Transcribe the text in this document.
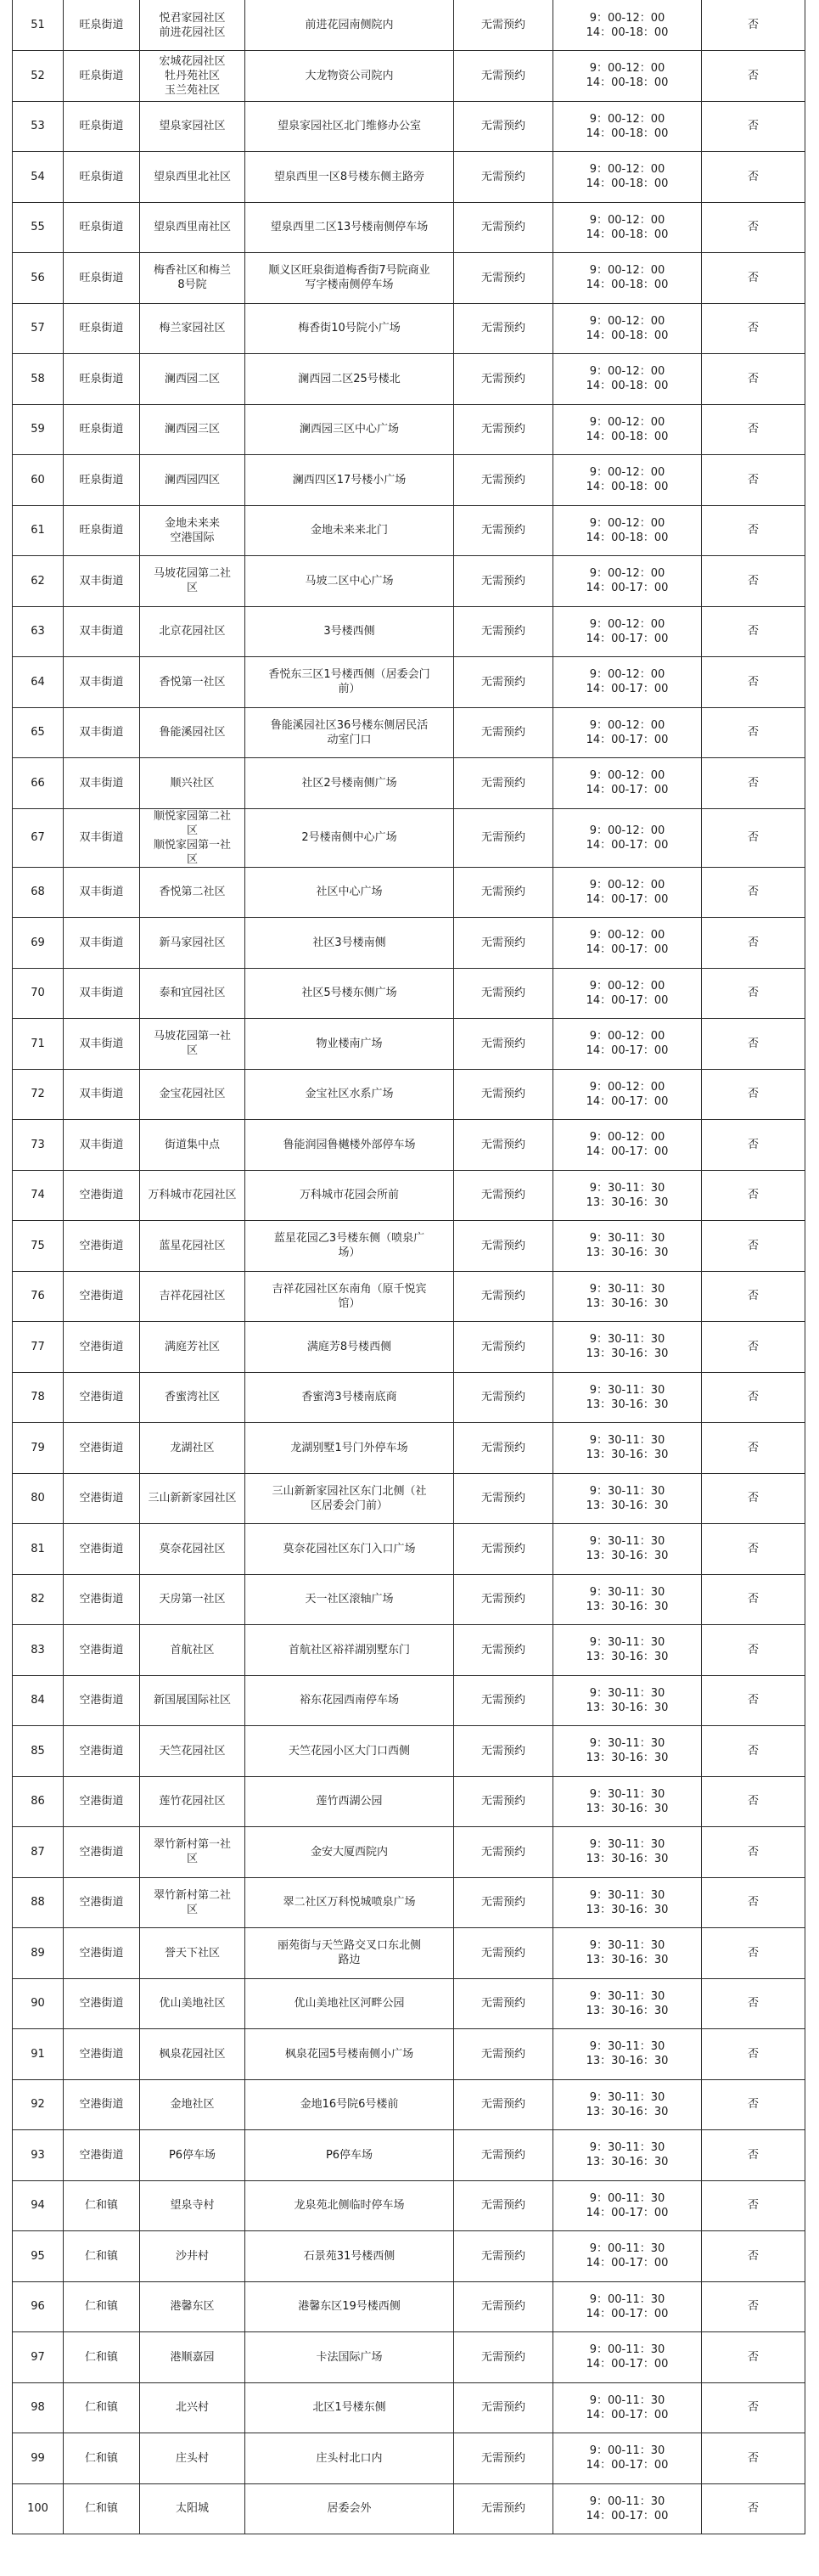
51	旺泉街道	悦君家园社区
前进花园社区	前进花园南侧院内	无需预约	9：00-12：00
14：00-18：00	否
52	旺泉街道	宏城花园社区
牡丹苑社区
玉兰苑社区	大龙物资公司院内	无需预约	9：00-12：00
14：00-18：00	否
53	旺泉街道	望泉家园社区	望泉家园社区北门维修办公室	无需预约	9：00-12：00
14：00-18：00	否
54	旺泉街道	望泉西里北社区	望泉西里一区8号楼东侧主路旁	无需预约	9：00-12：00
14：00-18：00	否
55	旺泉街道	望泉西里南社区	望泉西里二区13号楼南侧停车场	无需预约	9：00-12：00
14：00-18：00	否
56	旺泉街道	梅香社区和梅兰
8号院	顺义区旺泉街道梅香街7号院商业
写字楼南侧停车场	无需预约	9：00-12：00
14：00-18：00	否
57	旺泉街道	梅兰家园社区	梅香街10号院小广场	无需预约	9：00-12：00
14：00-18：00	否
58	旺泉街道	澜西园二区	澜西园二区25号楼北	无需预约	9：00-12：00
14：00-18：00	否
59	旺泉街道	澜西园三区	澜西园三区中心广场	无需预约	9：00-12：00
14：00-18：00	否
60	旺泉街道	澜西园四区	澜西四区17号楼小广场	无需预约	9：00-12：00
14：00-18：00	否
61	旺泉街道	金地未来来
空港国际	金地未来来北门	无需预约	9：00-12：00
14：00-18：00	否
62	双丰街道	马坡花园第二社
区	马坡二区中心广场	无需预约	9：00-12：00
14：00-17：00	否
63	双丰街道	北京花园社区	3号楼西侧	无需预约	9：00-12：00
14：00-17：00	否
64	双丰街道	香悦第一社区	香悦东三区1号楼西侧（居委会门
前）	无需预约	9：00-12：00
14：00-17：00	否
65	双丰街道	鲁能溪园社区	鲁能溪园社区36号楼东侧居民活
动室门口	无需预约	9：00-12：00
14：00-17：00	否
66	双丰街道	顺兴社区	社区2号楼南侧广场	无需预约	9：00-12：00
14：00-17：00	否
67	双丰街道	顺悦家园第二社
区
顺悦家园第一社
区	2号楼南侧中心广场	无需预约	9：00-12：00
14：00-17：00	否
68	双丰街道	香悦第二社区	社区中心广场	无需预约	9：00-12：00
14：00-17：00	否
69	双丰街道	新马家园社区	社区3号楼南侧	无需预约	9：00-12：00
14：00-17：00	否
70	双丰街道	泰和宜园社区	社区5号楼东侧广场	无需预约	9：00-12：00
14：00-17：00	否
71	双丰街道	马坡花园第一社
区	物业楼南广场	无需预约	9：00-12：00
14：00-17：00	否
72	双丰街道	金宝花园社区	金宝社区水系广场	无需预约	9：00-12：00
14：00-17：00	否
73	双丰街道	街道集中点	鲁能润园鲁樾楼外部停车场	无需预约	9：00-12：00
14：00-17：00	否
74	空港街道	万科城市花园社区	万科城市花园会所前	无需预约	9：30-11：30
13：30-16：30	否
75	空港街道	蓝星花园社区	蓝星花园乙3号楼东侧（喷泉广
场）	无需预约	9：30-11：30
13：30-16：30	否
76	空港街道	吉祥花园社区	吉祥花园社区东南角（原千悦宾
馆）	无需预约	9：30-11：30
13：30-16：30	否
77	空港街道	满庭芳社区	满庭芳8号楼西侧	无需预约	9：30-11：30
13：30-16：30	否
78	空港街道	香蜜湾社区	香蜜湾3号楼南底商	无需预约	9：30-11：30
13：30-16：30	否
79	空港街道	龙湖社区	龙湖别墅1号门外停车场	无需预约	9：30-11：30
13：30-16：30	否
80	空港街道	三山新新家园社区	三山新新家园社区东门北侧（社
区居委会门前）	无需预约	9：30-11：30
13：30-16：30	否
81	空港街道	莫奈花园社区	莫奈花园社区东门入口广场	无需预约	9：30-11：30
13：30-16：30	否
82	空港街道	天房第一社区	天一社区滚轴广场	无需预约	9：30-11：30
13：30-16：30	否
83	空港街道	首航社区	首航社区裕祥湖别墅东门	无需预约	9：30-11：30
13：30-16：30	否
84	空港街道	新国展国际社区	裕东花园西南停车场	无需预约	9：30-11：30
13：30-16：30	否
85	空港街道	天竺花园社区	天竺花园小区大门口西侧	无需预约	9：30-11：30
13：30-16：30	否
86	空港街道	莲竹花园社区	莲竹西湖公园	无需预约	9：30-11：30
13：30-16：30	否
87	空港街道	翠竹新村第一社
区	金安大厦西院内	无需预约	9：30-11：30
13：30-16：30	否
88	空港街道	翠竹新村第二社
区	翠二社区万科悦城喷泉广场	无需预约	9：30-11：30
13：30-16：30	否
89	空港街道	誉天下社区	丽苑街与天竺路交叉口东北侧
路边	无需预约	9：30-11：30
13：30-16：30	否
90	空港街道	优山美地社区	优山美地社区河畔公园	无需预约	9：30-11：30
13：30-16：30	否
91	空港街道	枫泉花园社区	枫泉花园5号楼南侧小广场	无需预约	9：30-11：30
13：30-16：30	否
92	空港街道	金地社区	金地16号院6号楼前	无需预约	9：30-11：30
13：30-16：30	否
93	空港街道	P6停车场	P6停车场	无需预约	9：30-11：30
13：30-16：30	否
94	仁和镇	望泉寺村	龙泉苑北侧临时停车场	无需预约	9：00-11：30
14：00-17：00	否
95	仁和镇	沙井村	石景苑31号楼西侧	无需预约	9：00-11：30
14：00-17：00	否
96	仁和镇	港馨东区	港馨东区19号楼西侧	无需预约	9：00-11：30
14：00-17：00	否
97	仁和镇	港顺嘉园	卡法国际广场	无需预约	9：00-11：30
14：00-17：00	否
98	仁和镇	北兴村	北区1号楼东侧	无需预约	9：00-11：30
14：00-17：00	否
99	仁和镇	庄头村	庄头村北口内	无需预约	9：00-11：30
14：00-17：00	否
100	仁和镇	太阳城	居委会外	无需预约	9：00-11：30
14：00-17：00	否
